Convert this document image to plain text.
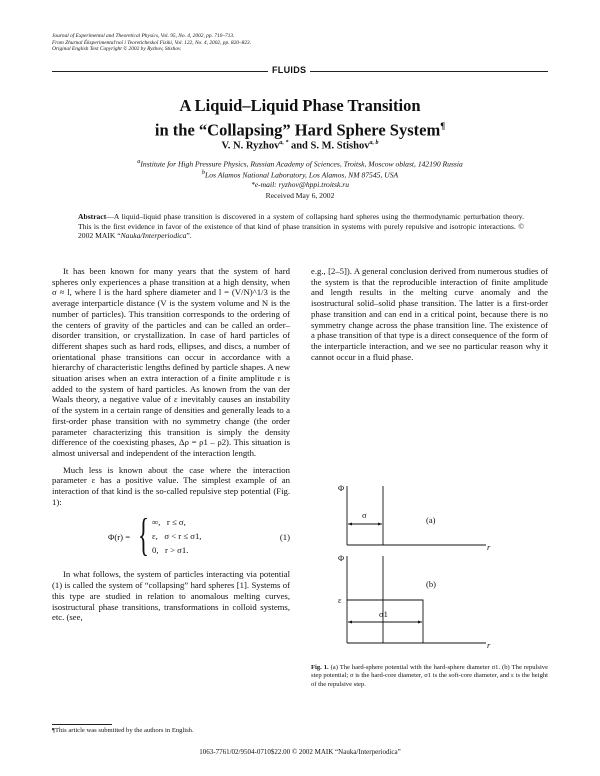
Journal of Experimental and Theoretical Physics, Vol. 95, No. 4, 2002, pp. 710–713.
From Zhurnal Éksperimental'noĭ i Teoreticheskoĭ Fiziki, Vol. 122, No. 4, 2002, pp. 820–823.
Original English Text Copyright © 2002 by Ryzhov, Stishov.
FLUIDS
A Liquid–Liquid Phase Transition
in the “Collapsing” Hard Sphere System¶
V. N. Ryzhov$^{a, *}$ and S. M. Stishov$^{a, b}$
$^a$Institute for High Pressure Physics, Russian Academy of Sciences, Troitsk, Moscow oblast, 142190 Russia
$^b$Los Alamos National Laboratory, Los Alamos, NM 87545, USA
*e-mail: ryzhov@hppi.troitsk.ru
Received May 6, 2002
Abstract—A liquid–liquid phase transition is discovered in a system of collapsing hard spheres using the thermodynamic perturbation theory. This is the first evidence in favor of the existence of that kind of phase transition in systems with purely repulsive and isotropic interactions. © 2002 MAIK “Nauka/Interperiodica”.

It has been known for many years that the system of hard spheres only experiences a phase transition at a high density, when σ ≈ l, where l is the hard sphere diameter and l = (V/N)^1/3 is the average interparticle distance (V is the system volume and N is the number of particles). This transition corresponds to the ordering of the centers of gravity of the particles and can be called an order–disorder transition, or crystallization. In case of hard particles of different shapes such as hard rods, ellipses, and discs, a number of orientational phase transitions can occur in accordance with a hierarchy of characteristic lengths defined by particle shapes. A new situation arises when an extra interaction of a finite amplitude ε is added to the system of hard particles. As known from the van der Waals theory, a negative value of ε inevitably causes an instability of the system in a certain range of densities and generally leads to a first-order phase transition with no symmetry change (the order parameter characterizing this transition is simply the density difference of the coexisting phases, Δρ = ρ1 – ρ2). This situation is almost universal and independent of the interaction length.

Much less is known about the case where the interaction parameter ε has a positive value. The simplest example of an interaction of that kind is the so-called repulsive step potential (Fig. 1):

Φ(r) = { ∞,   r ≤ σ,
ε,   σ < r ≤ σ1,
0,   r > σ1.
(1)

In what follows, the system of particles interacting via potential (1) is called the system of “collapsing” hard spheres [1]. Systems of this type are studied in relation to anomalous melting curves, isostructural phase transitions, transformations in colloid systems, etc. (see,

e.g., [2–5]). A general conclusion derived from numerous studies of the system is that the reproducible interaction of finite amplitude and length results in the melting curve anomaly and the isostructural solid–solid phase transition. The latter is a first-order phase transition and can end in a critical point, because there is no symmetry change across the phase transition line. The existence of a phase transition of that type is a direct consequence of the form of the interparticle interaction, and we see no particular reason why it cannot occur in a fluid phase.

Φ
r
(a)
σ
Φ
r
(b)
σ1
ε
Fig. 1. (a) The hard-sphere potential with the hard-sphere diameter σ1. (b) The repulsive step potential; σ is the hard-core diameter, σ1 is the soft-core diameter, and ε is the height of the repulsive step.
¶This article was submitted by the authors in English.
1063-7761/02/9504-0710$22.00 © 2002 MAIK “Nauka/Interperiodica”
